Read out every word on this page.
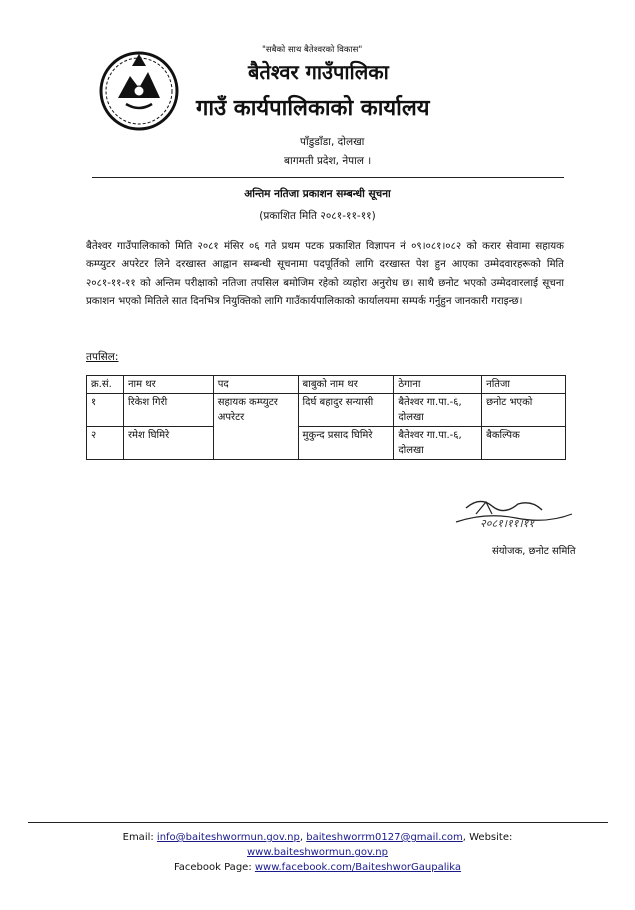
"सबैको साथ बैतेश्वरको विकास"
बैतेश्वर गाउँपालिका
गाउँ कार्यपालिकाको कार्यालय
पाँडुडाँडा, दोलखा
बागमती प्रदेश, नेपाल ।
अन्तिम नतिजा प्रकाशन सम्बन्धी सूचना
(प्रकाशित मिति २०८१-११-११)
बैतेश्वर गाउँपालिकाको मिति २०८१ मंसिर ०६ गते प्रथम पटक प्रकाशित विज्ञापन नं ०९।०८१।०८२ को करार सेवामा सहायक कम्प्युटर अपरेटर लिने दरखास्त आह्वान सम्बन्धी सूचनामा पदपूर्तिको लागि दरखास्त पेश हुन आएका उम्मेदवारहरूको मिति २०८१-११-११ को अन्तिम परीक्षाको नतिजा तपसिल बमोजिम रहेको व्यहोरा अनुरोध छ। साथै छनोट भएको उम्मेदवारलाई सूचना प्रकाशन भएको मितिले सात दिनभित्र नियुक्तिको लागि गाउँकार्यपालिकाको कार्यालयमा सम्पर्क गर्नुहुन जानकारी गराइन्छ।
तपसिल:
क्र.सं.	नाम थर	पद	बाबुको नाम थर	ठेगाना	नतिजा
१	रिकेश गिरी	सहायक कम्प्युटर अपरेटर	दिर्घ बहादुर सन्यासी	बैतेश्वर गा.पा.-६, दोलखा	छनोट भएको
२	रमेश घिमिरे		मुकुन्द प्रसाद घिमिरे	बैतेश्वर गा.पा.-६, दोलखा	बैकल्पिक
२०८१।११।११
संयोजक, छनोट समिति
Email: info@baiteshwormun.gov.np, baiteshworrm0127@gmail.com, Website:
www.baiteshwormun.gov.np
Facebook Page: www.facebook.com/BaiteshworGaupalika
